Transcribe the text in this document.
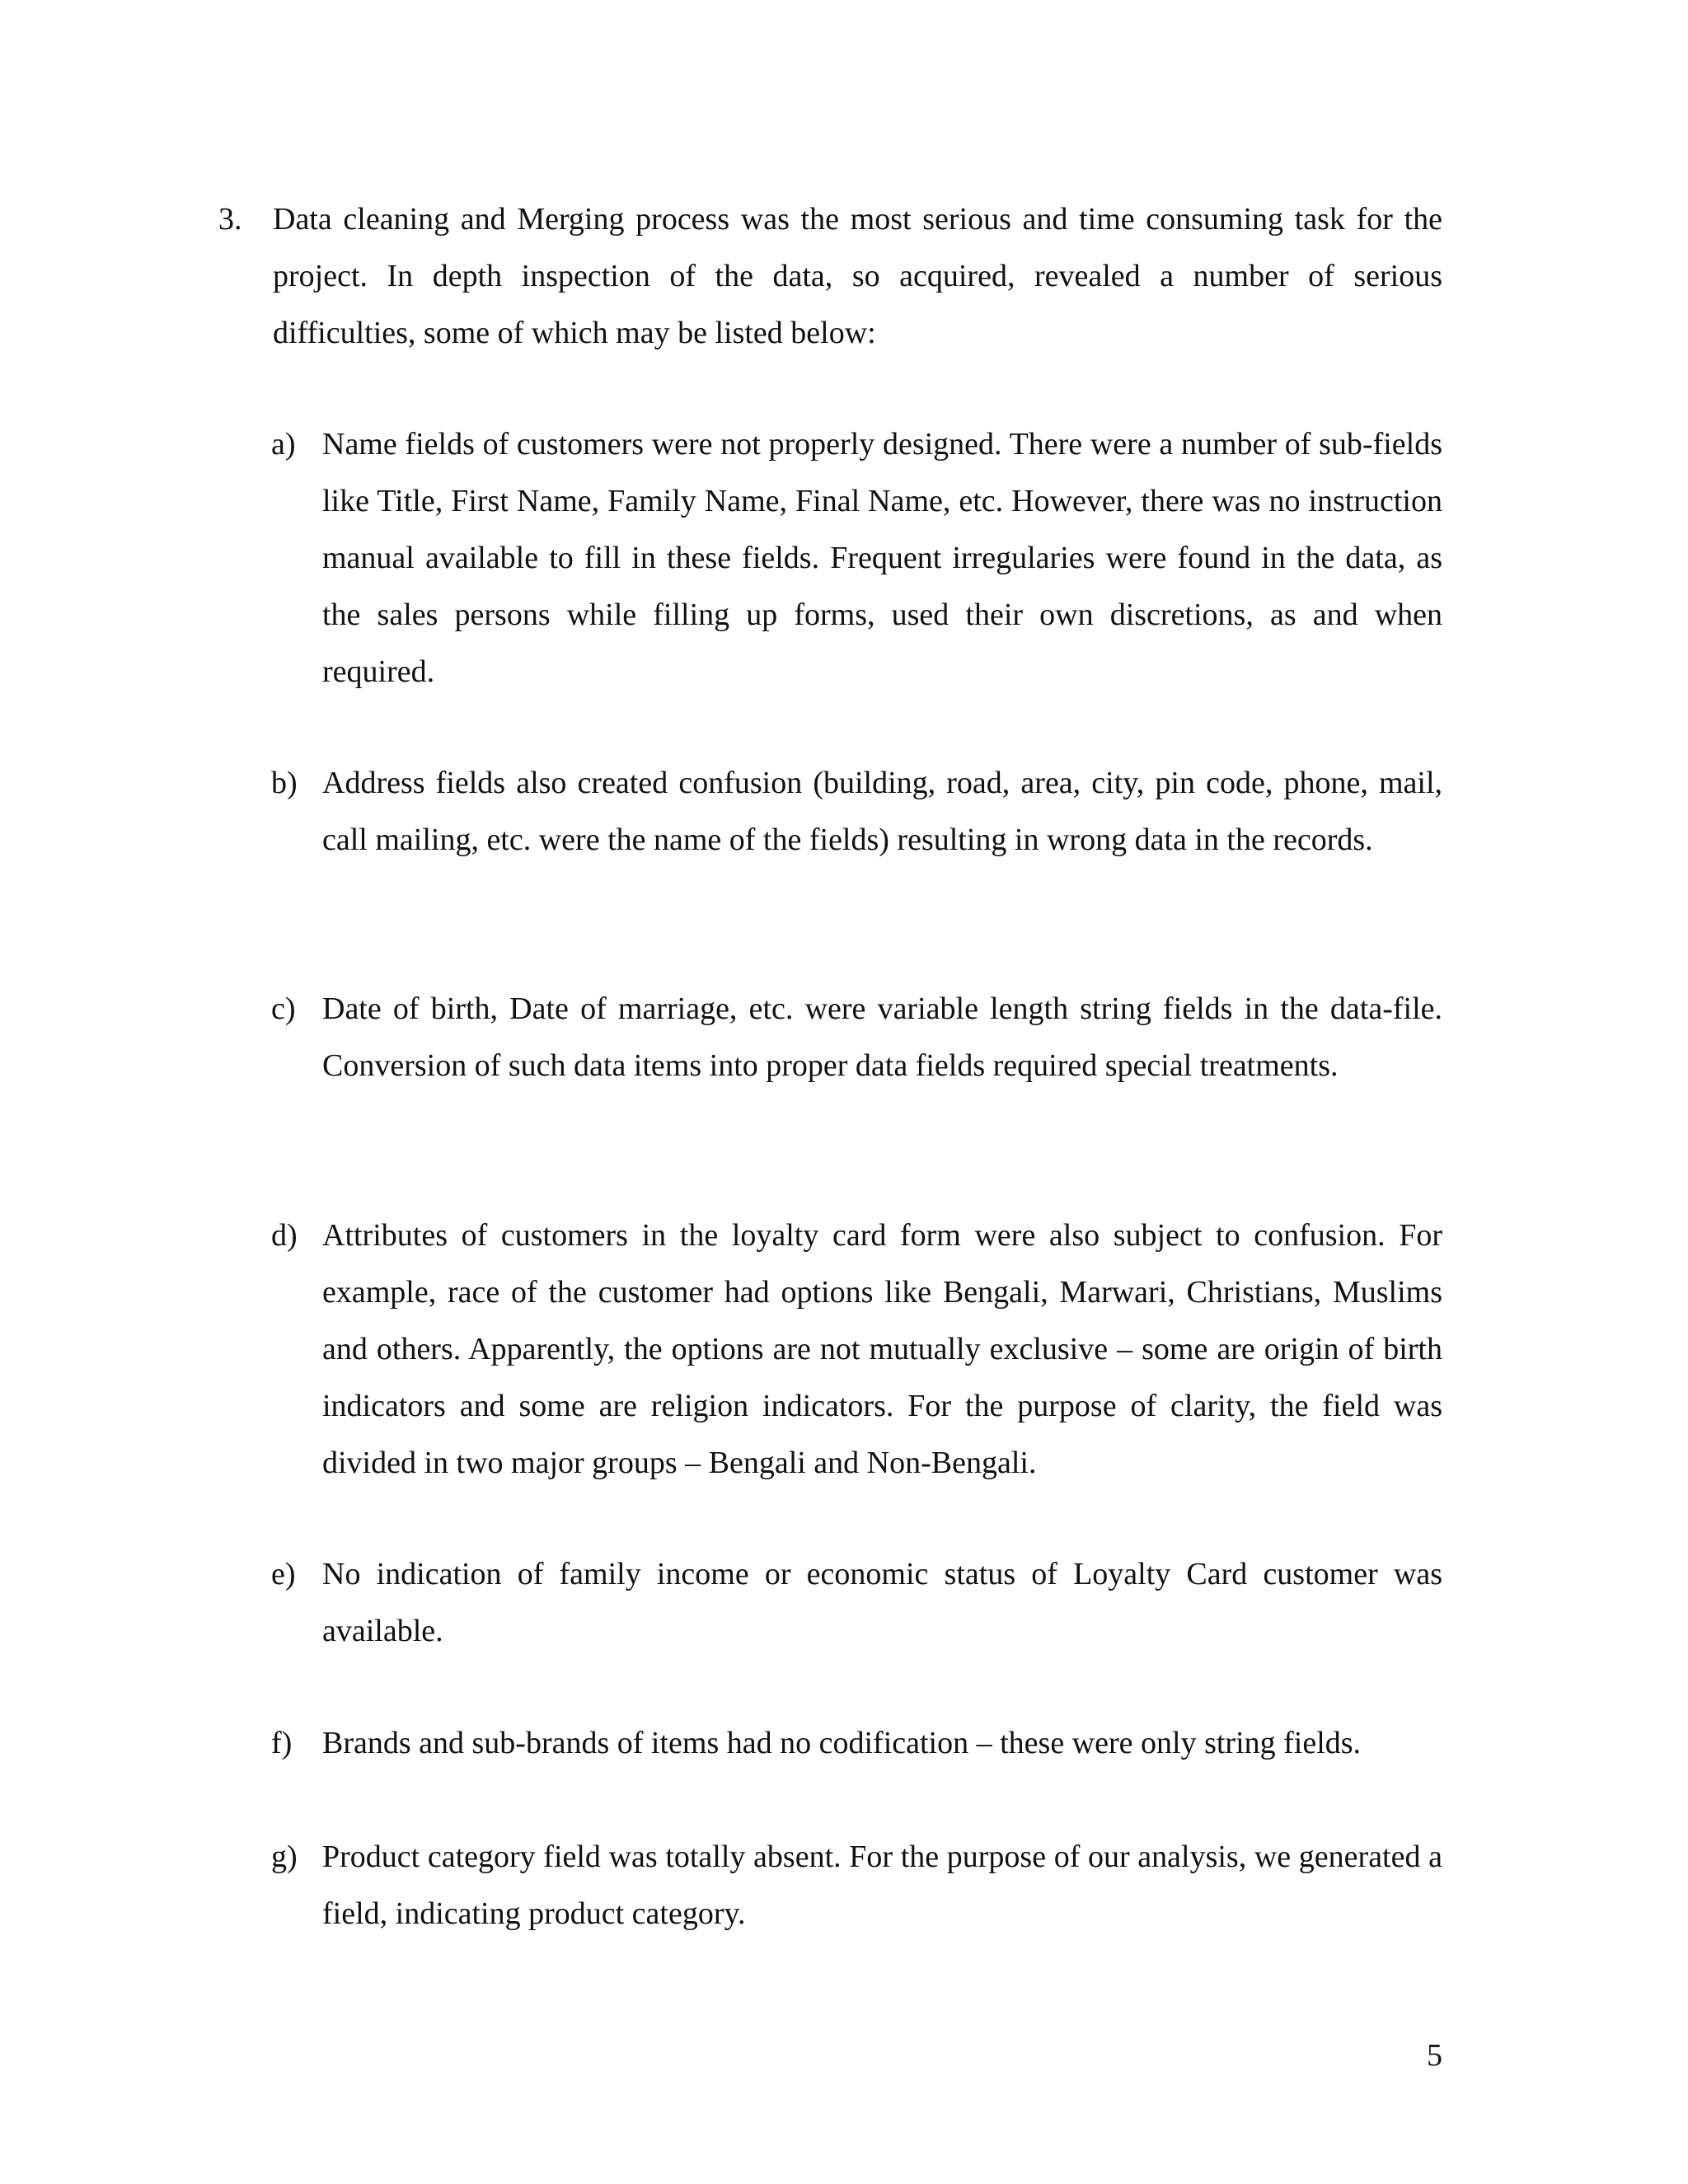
3. Data cleaning and Merging process was the most serious and time consuming task for the project. In depth inspection of the data, so acquired, revealed a number of serious difficulties, some of which may be listed below:

a) Name fields of customers were not properly designed. There were a number of sub-fields like Title, First Name, Family Name, Final Name, etc. However, there was no instruction manual available to fill in these fields. Frequent irregularies were found in the data, as the sales persons while filling up forms, used their own discretions, as and when required.

b) Address fields also created confusion (building, road, area, city, pin code, phone, mail, call mailing, etc. were the name of the fields) resulting in wrong data in the records.

c) Date of birth, Date of marriage, etc. were variable length string fields in the data-file. Conversion of such data items into proper data fields required special treatments.

d) Attributes of customers in the loyalty card form were also subject to confusion. For example, race of the customer had options like Bengali, Marwari, Christians, Muslims and others. Apparently, the options are not mutually exclusive – some are origin of birth indicators and some are religion indicators. For the purpose of clarity, the field was divided in two major groups – Bengali and Non-Bengali.

e) No indication of family income or economic status of Loyalty Card customer was available.

f) Brands and sub-brands of items had no codification – these were only string fields.

g) Product category field was totally absent. For the purpose of our analysis, we generated a field, indicating product category.

5
